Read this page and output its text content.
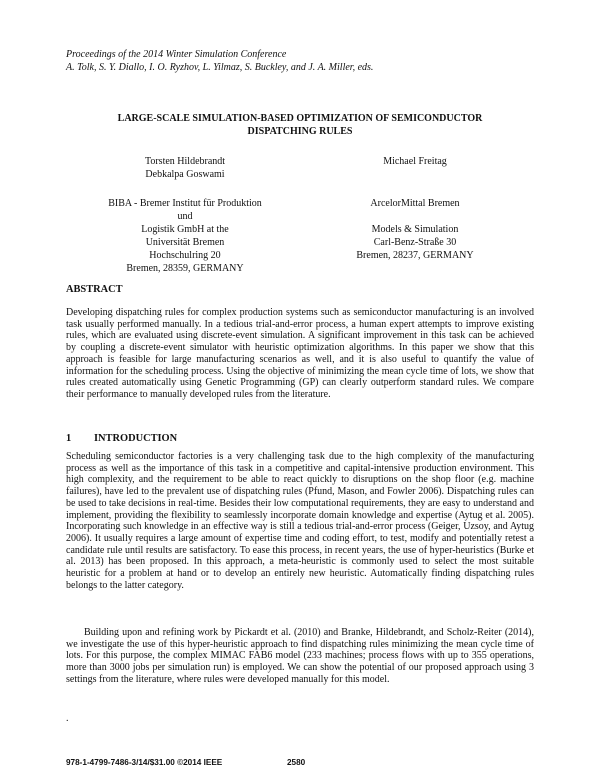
Proceedings of the 2014 Winter Simulation Conference
A. Tolk, S. Y. Diallo, I. O. Ryzhov, L. Yilmaz, S. Buckley, and J. A. Miller, eds.
LARGE-SCALE SIMULATION-BASED OPTIMIZATION OF SEMICONDUCTOR
DISPATCHING RULES
Torsten Hildebrandt
Debkalpa Goswami
BIBA - Bremer Institut für Produktion und
Logistik GmbH at the
Universität Bremen
Hochschulring 20
Bremen, 28359, GERMANY
Michael Freitag
ArcelorMittal Bremen
Models & Simulation
Carl-Benz-Straße 30
Bremen, 28237, GERMANY
ABSTRACT
Developing dispatching rules for complex production systems such as semiconductor manufacturing is an involved task usually performed manually. In a tedious trial-and-error process, a human expert attempts to improve existing rules, which are evaluated using discrete-event simulation. A significant improvement in this task can be achieved by coupling a discrete-event simulator with heuristic optimization algorithms. In this paper we show that this approach is feasible for large manufacturing scenarios as well, and it is also useful to quantify the value of information for the scheduling process. Using the objective of minimizing the mean cycle time of lots, we show that rules created automatically using Genetic Programming (GP) can clearly outperform standard rules. We compare their performance to manually developed rules from the literature.
1 INTRODUCTION
Scheduling semiconductor factories is a very challenging task due to the high complexity of the manufacturing process as well as the importance of this task in a competitive and capital-intensive production environment. This high complexity, and the requirement to be able to react quickly to disruptions on the shop floor (e.g. machine failures), have led to the prevalent use of dispatching rules (Pfund, Mason, and Fowler 2006). Dispatching rules can be used to take decisions in real-time. Besides their low computational requirements, they are easy to understand and implement, providing the flexibility to seamlessly incorporate domain knowledge and expertise (Aytug et al. 2005). Incorporating such knowledge in an effective way is still a tedious trial-and-error process (Geiger, Uzsoy, and Aytug 2006). It usually requires a large amount of expertise time and coding effort, to test, modify and potentially retest a candidate rule until results are satisfactory. To ease this process, in recent years, the use of hyper-heuristics (Burke et al. 2013) has been proposed. In this approach, a meta-heuristic is commonly used to select the most suitable heuristic for a problem at hand or to develop an entirely new heuristic. Automatically finding dispatching rules belongs to the latter category.
Building upon and refining work by Pickardt et al. (2010) and Branke, Hildebrandt, and Scholz-Reiter (2014), we investigate the use of this hyper-heuristic approach to find dispatching rules minimizing the mean cycle time of lots. For this purpose, the complex MIMAC FAB6 model (233 machines; process flows with up to 355 operations, more than 3000 jobs per simulation run) is employed. We can show the potential of our proposed approach using 3 settings from the literature, where rules were developed manually for this model.
.
978-1-4799-7486-3/14/$31.00 ©2014 IEEE	2580
